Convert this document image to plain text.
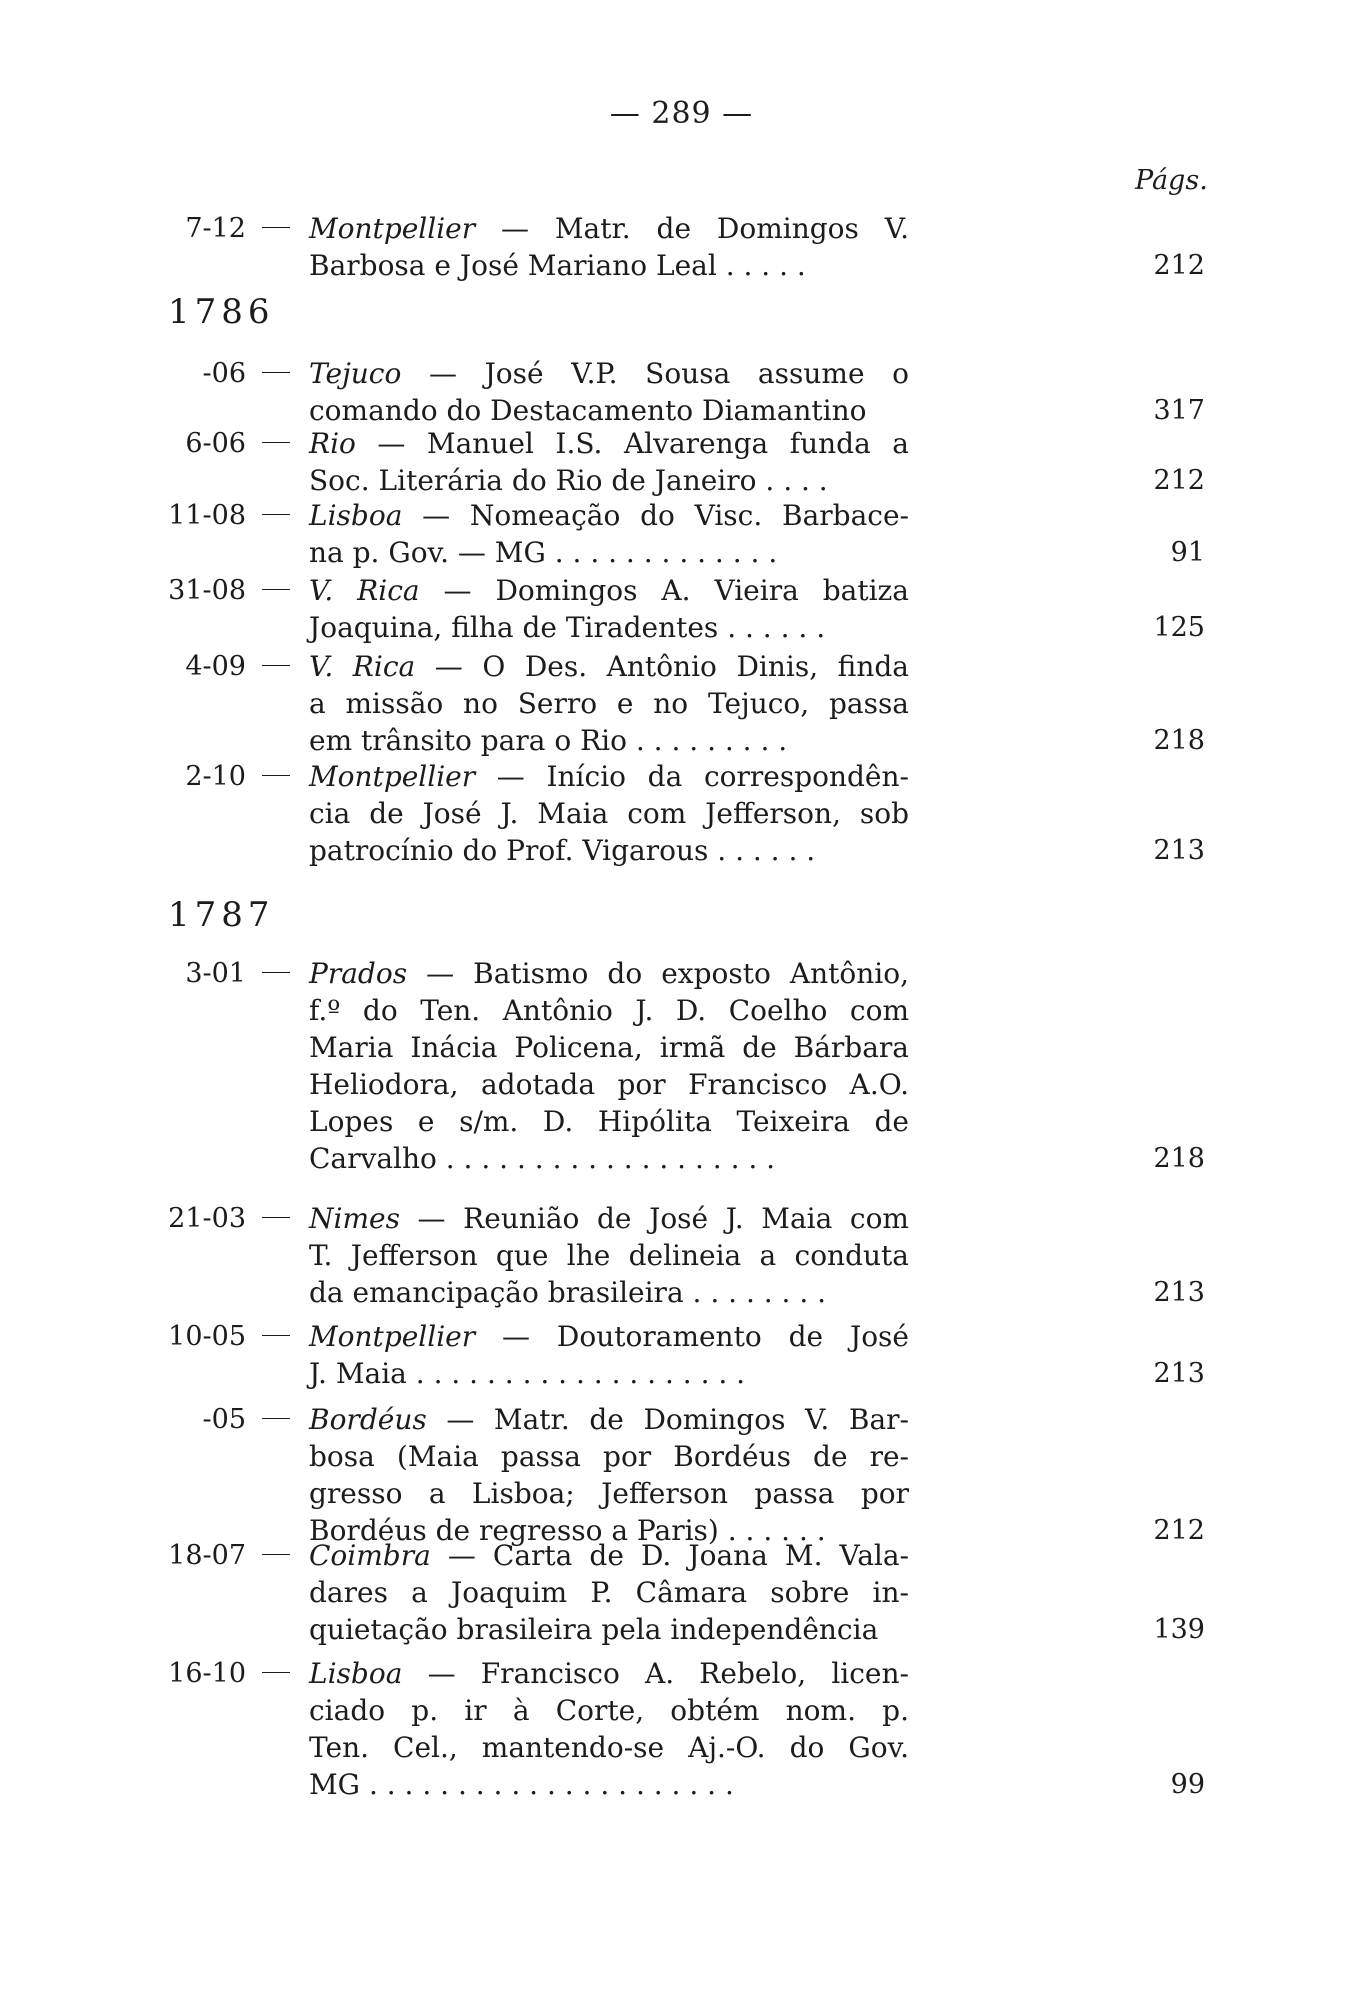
— 289 —
Págs.
7-12 Montpellier — Matr. de Domingos V.
Barbosa e José Mariano Leal . . . . .	212
1786
-06 Tejuco — José V.P. Sousa assume o
comando do Destacamento Diamantino	317
6-06 Rio — Manuel I.S. Alvarenga funda a
Soc. Literária do Rio de Janeiro . . . .	212
11-08 Lisboa — Nomeação do Visc. Barbace-
na p. Gov. — MG . . . . . . . . . . . . .	91
31-08 V. Rica — Domingos A. Vieira batiza
Joaquina, filha de Tiradentes . . . . . .	125
4-09 V. Rica — O Des. Antônio Dinis, finda
a missão no Serro e no Tejuco, passa
em trânsito para o Rio . . . . . . . . .	218
2-10 Montpellier — Início da correspondên-
cia de José J. Maia com Jefferson, sob
patrocínio do Prof. Vigarous . . . . . .	213
1787
3-01 Prados — Batismo do exposto Antônio,
f.º do Ten. Antônio J. D. Coelho com
Maria Inácia Policena, irmã de Bárbara
Heliodora, adotada por Francisco A.O.
Lopes e s/m. D. Hipólita Teixeira de
Carvalho . . . . . . . . . . . . . . . . . . .	218
21-03 Nimes — Reunião de José J. Maia com
T. Jefferson que lhe delineia a conduta
da emancipação brasileira . . . . . . . .	213
10-05 Montpellier — Doutoramento de José
J. Maia . . . . . . . . . . . . . . . . . . .	213
-05 Bordéus — Matr. de Domingos V. Bar-
bosa (Maia passa por Bordéus de re-
gresso a Lisboa; Jefferson passa por
Bordéus de regresso a Paris) . . . . . .	212
18-07 Coimbra — Carta de D. Joana M. Vala-
dares a Joaquim P. Câmara sobre in-
quietação brasileira pela independência	139
16-10 Lisboa — Francisco A. Rebelo, licen-
ciado p. ir à Corte, obtém nom. p.
Ten. Cel., mantendo-se Aj.-O. do Gov.
MG . . . . . . . . . . . . . . . . . . . . .	99
